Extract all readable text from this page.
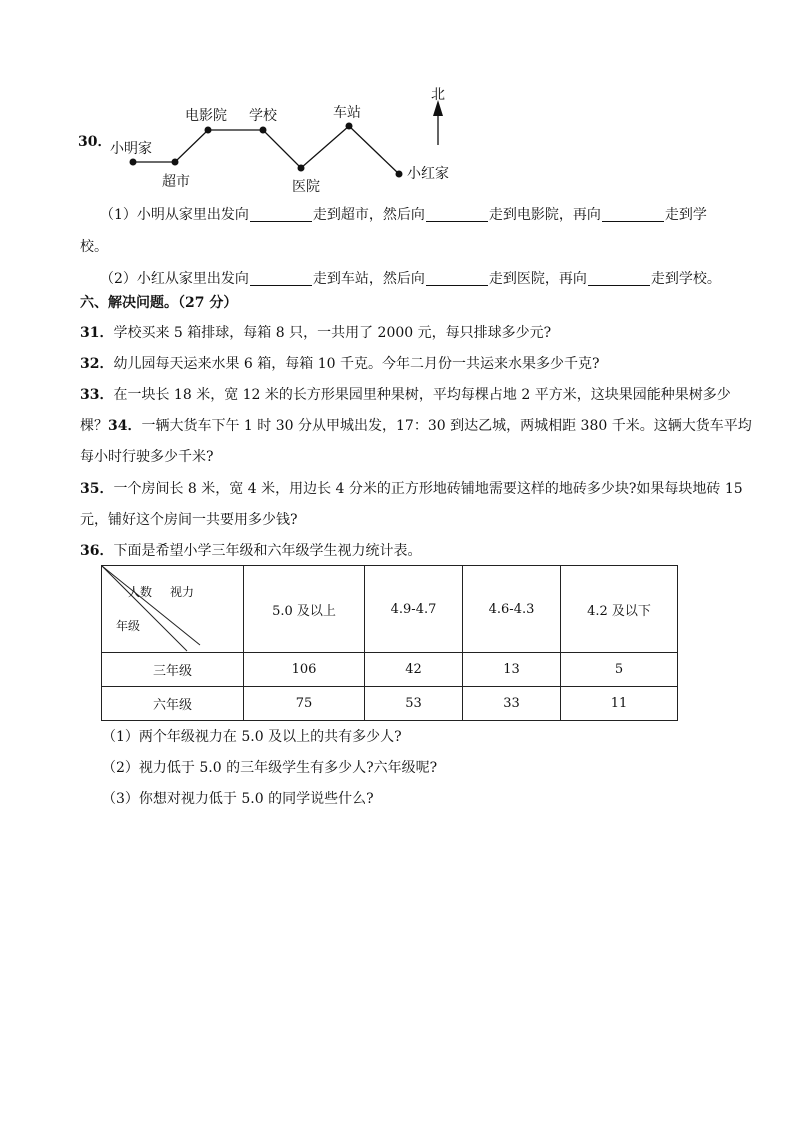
30．
小明家
超市
电影院 学校
医院
车站
小红家
北
（1）小明从家里出发向	走到超市，然后向	走到电影院，再向	走到学
校。
（2）小红从家里出发向	走到车站，然后向	走到医院，再向	走到学校。
六、解决问题。（27 分）
31．学校买来 5 箱排球，每箱 8 只，一共用了 2000 元，每只排球多少元?
32．幼儿园每天运来水果 6 箱，每箱 10 千克。今年二月份一共运来水果多少千克?
33．在一块长 18 米，宽 12 米的长方形果园里种果树，平均每棵占地 2 平方米，这块果园能种果树多少
棵？34．一辆大货车下午 1 时 30 分从甲城出发，17：30 到达乙城，两城相距 380 千米。这辆大货车平均
每小时行驶多少千米?
35．一个房间长 8 米，宽 4 米，用边长 4 分米的正方形地砖铺地需要这样的地砖多少块?如果每块地砖 15
元，铺好这个房间一共要用多少钱?
36．下面是希望小学三年级和六年级学生视力统计表。
人数 视力
年级	5.0 及以上	4.9-4.7	4.6-4.3	4.2 及以下
三年级	106	42	13	5
六年级	75	53	33	11
（1）两个年级视力在 5.0 及以上的共有多少人?
（2）视力低于 5.0 的三年级学生有多少人?六年级呢?
（3）你想对视力低于 5.0 的同学说些什么?
